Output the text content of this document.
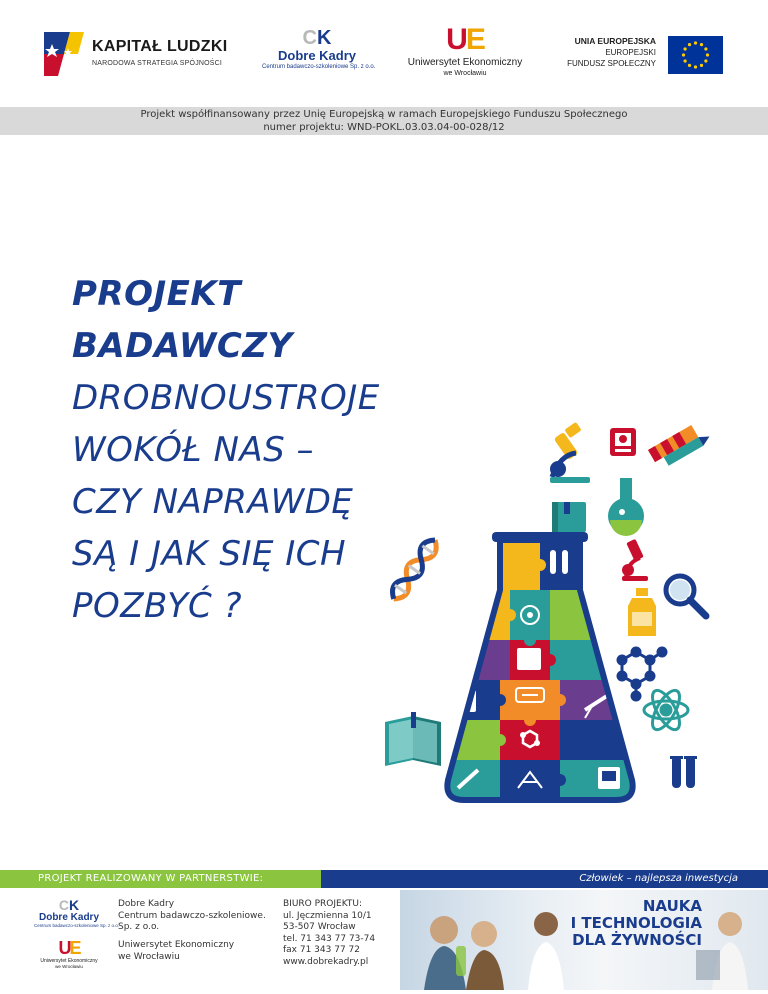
KAPITAŁ LUDZKI
NARODOWA STRATEGIA SPÓJNOŚCI
CK
Dobre Kadry
Centrum badawczo-szkoleniowe Sp. z o.o.
UE
Uniwersytet Ekonomiczny
we Wrocławiu
UNIA EUROPEJSKA
EUROPEJSKI
FUNDUSZ SPOŁECZNY
Projekt współfinansowany przez Unię Europejską w ramach Europejskiego Funduszu Społecznego
numer projektu: WND-POKL.03.03.04-00-028/12
PROJEKT
BADAWCZY
DROBNOUSTROJE
WOKÓŁ NAS –
CZY NAPRAWDĘ
SĄ I JAK SIĘ ICH
POZBYĆ ?
PROJEKT REALIZOWANY W PARTNERSTWIE:	Człowiek – najlepsza inwestycja
CK
Dobre Kadry
Centrum badawczo-szkoleniowe Sp. z o.o.
UE
Uniwersytet Ekonomiczny
we Wrocławiu
Dobre Kadry
Centrum badawczo-szkoleniowe.
Sp. z o.o.
Uniwersytet Ekonomiczny
we Wrocławiu
BIURO PROJEKTU:
ul. Jęczmienna 10/1
53-507 Wrocław
tel. 71 343 77 73-74
fax 71 343 77 72
www.dobrekadry.pl
NAUKA
I TECHNOLOGIA
DLA ŻYWNOŚCI
